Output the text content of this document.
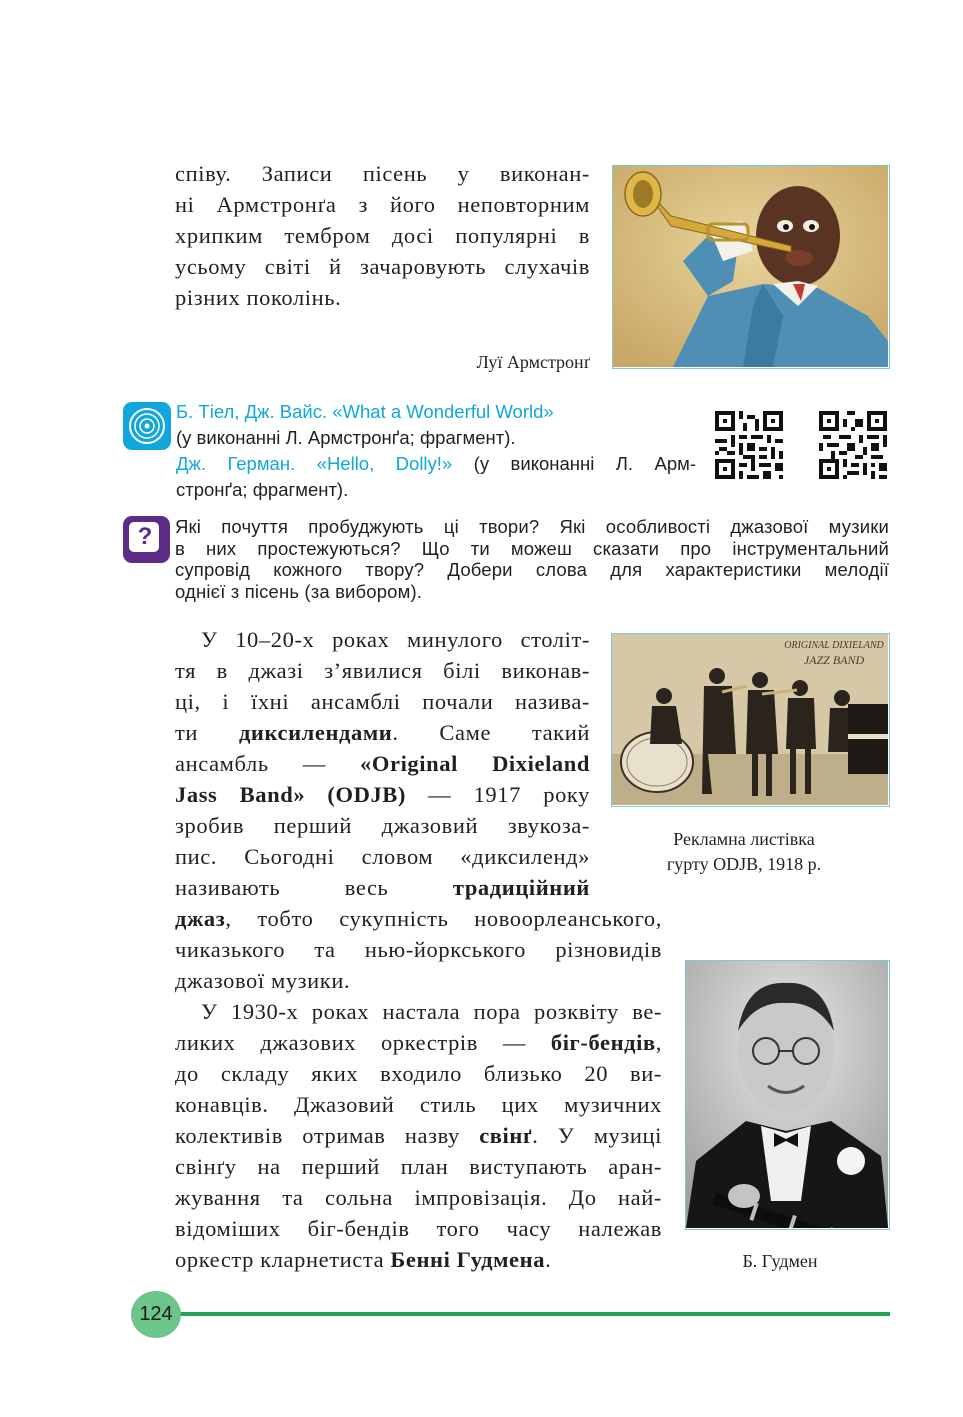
співу. Записи пісень у виконан-

ні Армстронґа з його неповторним

хрипким тембром досі популярні в

усьому світі й зачаровують слухачів

різних поколінь.

Луї Армстронґ
Б. Тіел, Дж. Вайс. «What a Wonderful World»
(у виконанні Л. Армстронґа; фрагмент).
Дж. Герман. «Hello, Dolly!» (у виконанні Л. Арм-
стронґа; фрагмент).
?	Які почуття пробуджують ці твори? Які особливості джазової музики
в них простежуються? Що ти можеш сказати про інструментальний
супровід кожного твору? Добери слова для характеристики мелодії
однієї з пісень (за вибором).

У 10–20-х роках минулого століт-

тя в джазі з’явилися білі виконав-

ці, і їхні ансамблі почали назива-

ти диксилендами. Саме такий

ансамбль — «Original Dixieland

Jass Band» (ODJB) — 1917 року

зробив перший джазовий звукоза-

пис. Сьогодні словом «диксиленд»

називають весь традиційний

джаз, тобто сукупність новоорлеанського,

чиказького та нью-йоркського різновидів

джазової музики.

ORIGINAL DIXIELAND
JAZZ BAND
Рекламна листівка
гурту ODJB, 1918 р.

У 1930-х роках настала пора розквіту ве-

ликих джазових оркестрів — біг-бендів,

до складу яких входило близько 20 ви-

конавців. Джазовий стиль цих музичних

колективів отримав назву свінґ. У музиці

свінґу на перший план виступають аран-

жування та сольна імпровізація. До най-

відоміших біг-бендів того часу належав

оркестр кларнетиста Бенні Гудмена.	Б. Гудмен
124
